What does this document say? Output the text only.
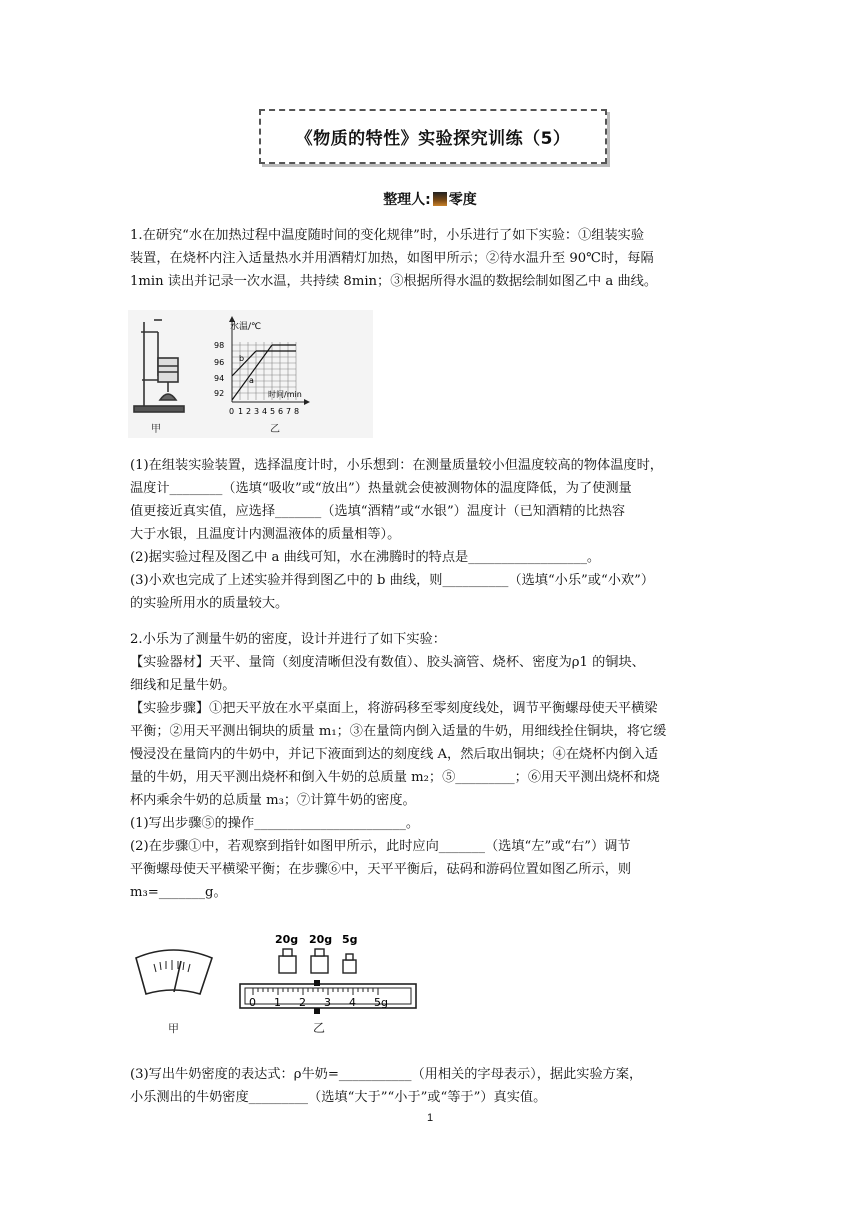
《物质的特性》实验探究训练（5）
整理人: 零度
1.在研究“水在加热过程中温度随时间的变化规律”时，小乐进行了如下实验：①组装实验
装置，在烧杯内注入适量热水并用酒精灯加热，如图甲所示；②待水温升至 90℃时，每隔
1min 读出并记录一次水温，共持续 8min；③根据所得水温的数据绘制如图乙中 a 曲线。
甲
b
a
水温/℃
时间/min
98
96
94
92
0 1 2 3 4 5 6 7 8
乙
(1)在组装实验装置，选择温度计时，小乐想到：在测量质量较小但温度较高的物体温度时，
温度计________（选填“吸收”或“放出”）热量就会使被测物体的温度降低，为了使测量
值更接近真实值，应选择_______（选填“酒精”或“水银”）温度计（已知酒精的比热容
大于水银，且温度计内测温液体的质量相等）。
(2)据实验过程及图乙中 a 曲线可知，水在沸腾时的特点是__________________。
(3)小欢也完成了上述实验并得到图乙中的 b 曲线，则__________（选填“小乐”或“小欢”）
的实验所用水的质量较大。
2.小乐为了测量牛奶的密度，设计并进行了如下实验：
【实验器材】天平、量筒（刻度清晰但没有数值）、胶头滴管、烧杯、密度为ρ1 的铜块、
细线和足量牛奶。
【实验步骤】①把天平放在水平桌面上，将游码移至零刻度线处，调节平衡螺母使天平横梁
平衡；②用天平测出铜块的质量 m₁；③在量筒内倒入适量的牛奶，用细线拴住铜块，将它缓
慢浸没在量筒内的牛奶中，并记下液面到达的刻度线 A，然后取出铜块；④在烧杯内倒入适
量的牛奶，用天平测出烧杯和倒入牛奶的总质量 m₂；⑤_________；⑥用天平测出烧杯和烧
杯内乘余牛奶的总质量 m₃；⑦计算牛奶的密度。
(1)写出步骤⑤的操作_______________________。
(2)在步骤①中，若观察到指针如图甲所示，此时应向_______（选填“左”或“右”）调节
平衡螺母使天平横梁平衡；在步骤⑥中，天平平衡后，砝码和游码位置如图乙所示，则
m₃=_______g。
甲
20g 20g 5g
0 1 2 3 4 5g
乙
(3)写出牛奶密度的表达式：ρ牛奶=___________（用相关的字母表示），据此实验方案，
小乐测出的牛奶密度_________（选填“大于”“小于”或“等于”）真实值。
1
